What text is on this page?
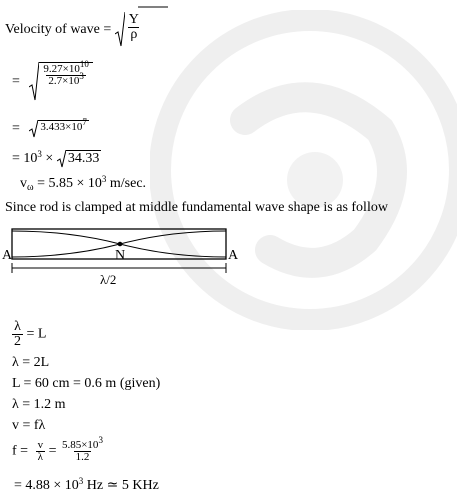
Velocity of wave = $\frac{Y}{\rho}$
= $\frac{9.27\times 10^{10}}{2.7\times 10^3}$
= $3.433\times 10^7$
= $10^3 \times 34.33$
$v_\omega = 5.85 \times 10^3$ m/sec.
Since rod is clamped at middle fundamental wave shape is as follow
A	A
N
λ/2
$\frac{\lambda}{2} = L$
λ = 2L
L = 60 cm = 0.6 m (given)
λ = 1.2 m
v = fλ
$f = \frac{v}{\lambda} = \frac{5.85\times 10^3}{1.2}$
= $4.88 \times 10^3$ Hz ≃ 5 KHz
